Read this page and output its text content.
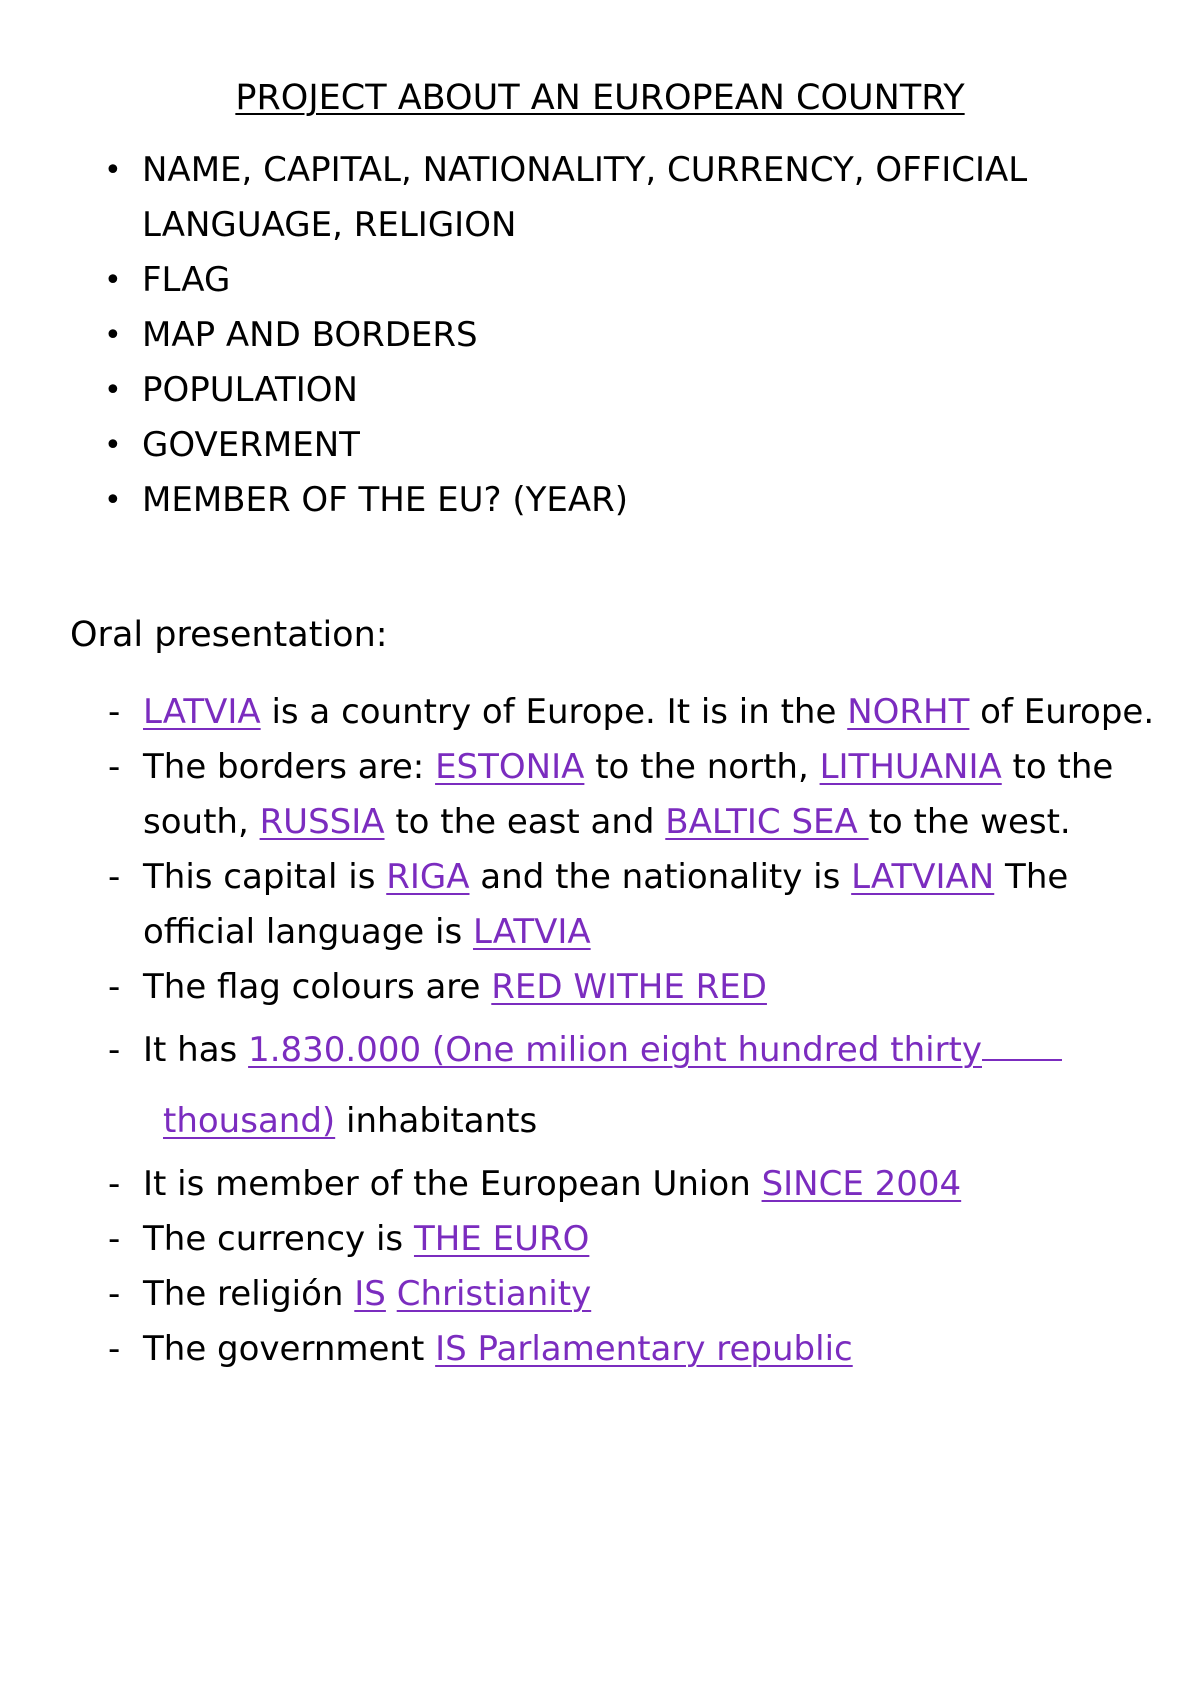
PROJECT ABOUT AN EUROPEAN COUNTRY
• NAME, CAPITAL, NATIONALITY, CURRENCY, OFFICIAL LANGUAGE, RELIGION
• FLAG
• MAP AND BORDERS
• POPULATION
• GOVERMENT
• MEMBER OF THE EU? (YEAR)
Oral presentation:
- LATVIA is a country of Europe. It is in the NORHT of Europe.
- The borders are: ESTONIA to the north, LITHUANIA to the south, RUSSIA to the east and BALTIC SEA to the west.
- This capital is RIGA and the nationality is LATVIAN The official language is LATVIA
- The flag colours are RED WITHE RED
- It has 1.830.000 (One milion eight hundred thirty
thousand) inhabitants
- It is member of the European Union SINCE 2004
- The currency is THE EURO
- The religión IS Christianity
- The government IS Parlamentary republic
